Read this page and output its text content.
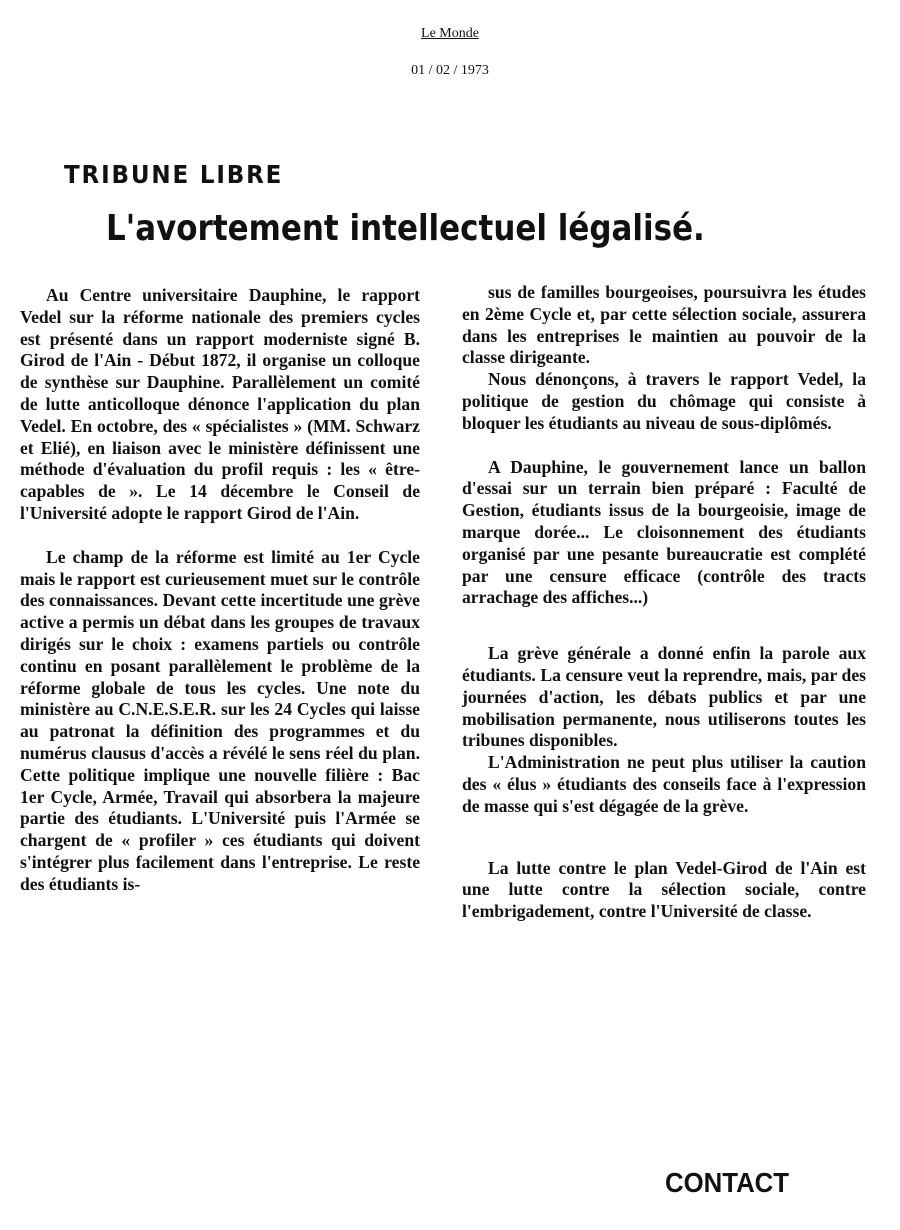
Le Monde
01 / 02 / 1973
TRIBUNE LIBRE
L'avortement intellectuel légalisé.

Au Centre universitaire Dauphine, le rapport Vedel sur la réforme nationale des premiers cycles est présenté dans un rapport moderniste signé B. Girod de l'Ain - Début 1872, il organise un colloque de synthèse sur Dauphine. Parallèlement un comité de lutte anticolloque dénonce l'application du plan Vedel. En octobre, des « spécialistes » (MM. Schwarz et Elié), en liaison avec le ministère définissent une méthode d'évaluation du profil requis : les « être-capables de ». Le 14 décembre le Conseil de l'Université adopte le rapport Girod de l'Ain.

Le champ de la réforme est limité au 1er Cycle mais le rapport est curieusement muet sur le contrôle des connaissances. Devant cette incertitude une grève active a permis un débat dans les groupes de travaux dirigés sur le choix : examens partiels ou contrôle continu en posant parallèlement le problème de la réforme globale de tous les cycles. Une note du ministère au C.N.E.S.E.R. sur les 24 Cycles qui laisse au patronat la définition des programmes et du numérus clausus d'accès a révélé le sens réel du plan. Cette politique implique une nouvelle filière : Bac 1er Cycle, Armée, Travail qui absorbera la majeure partie des étudiants. L'Université puis l'Armée se chargent de « profiler » ces étudiants qui doivent s'intégrer plus facilement dans l'entreprise. Le reste des étudiants is-

sus de familles bourgeoises, poursuivra les études en 2ème Cycle et, par cette sélection sociale, assurera dans les entreprises le maintien au pouvoir de la classe dirigeante.

Nous dénonçons, à travers le rapport Vedel, la politique de gestion du chômage qui consiste à bloquer les étudiants au niveau de sous-diplômés.

A Dauphine, le gouvernement lance un ballon d'essai sur un terrain bien préparé : Faculté de Gestion, étudiants issus de la bourgeoisie, image de marque dorée... Le cloisonnement des étudiants organisé par une pesante bureaucratie est complété par une censure efficace (contrôle des tracts arrachage des affiches...)

La grève générale a donné enfin la parole aux étudiants. La censure veut la reprendre, mais, par des journées d'action, les débats publics et par une mobilisation permanente, nous utiliserons toutes les tribunes disponibles.

L'Administration ne peut plus utiliser la caution des « élus » étudiants des conseils face à l'expression de masse qui s'est dégagée de la grève.

La lutte contre le plan Vedel-Girod de l'Ain est une lutte contre la sélection sociale, contre l'embrigadement, contre l'Université de classe.

CONTACT
